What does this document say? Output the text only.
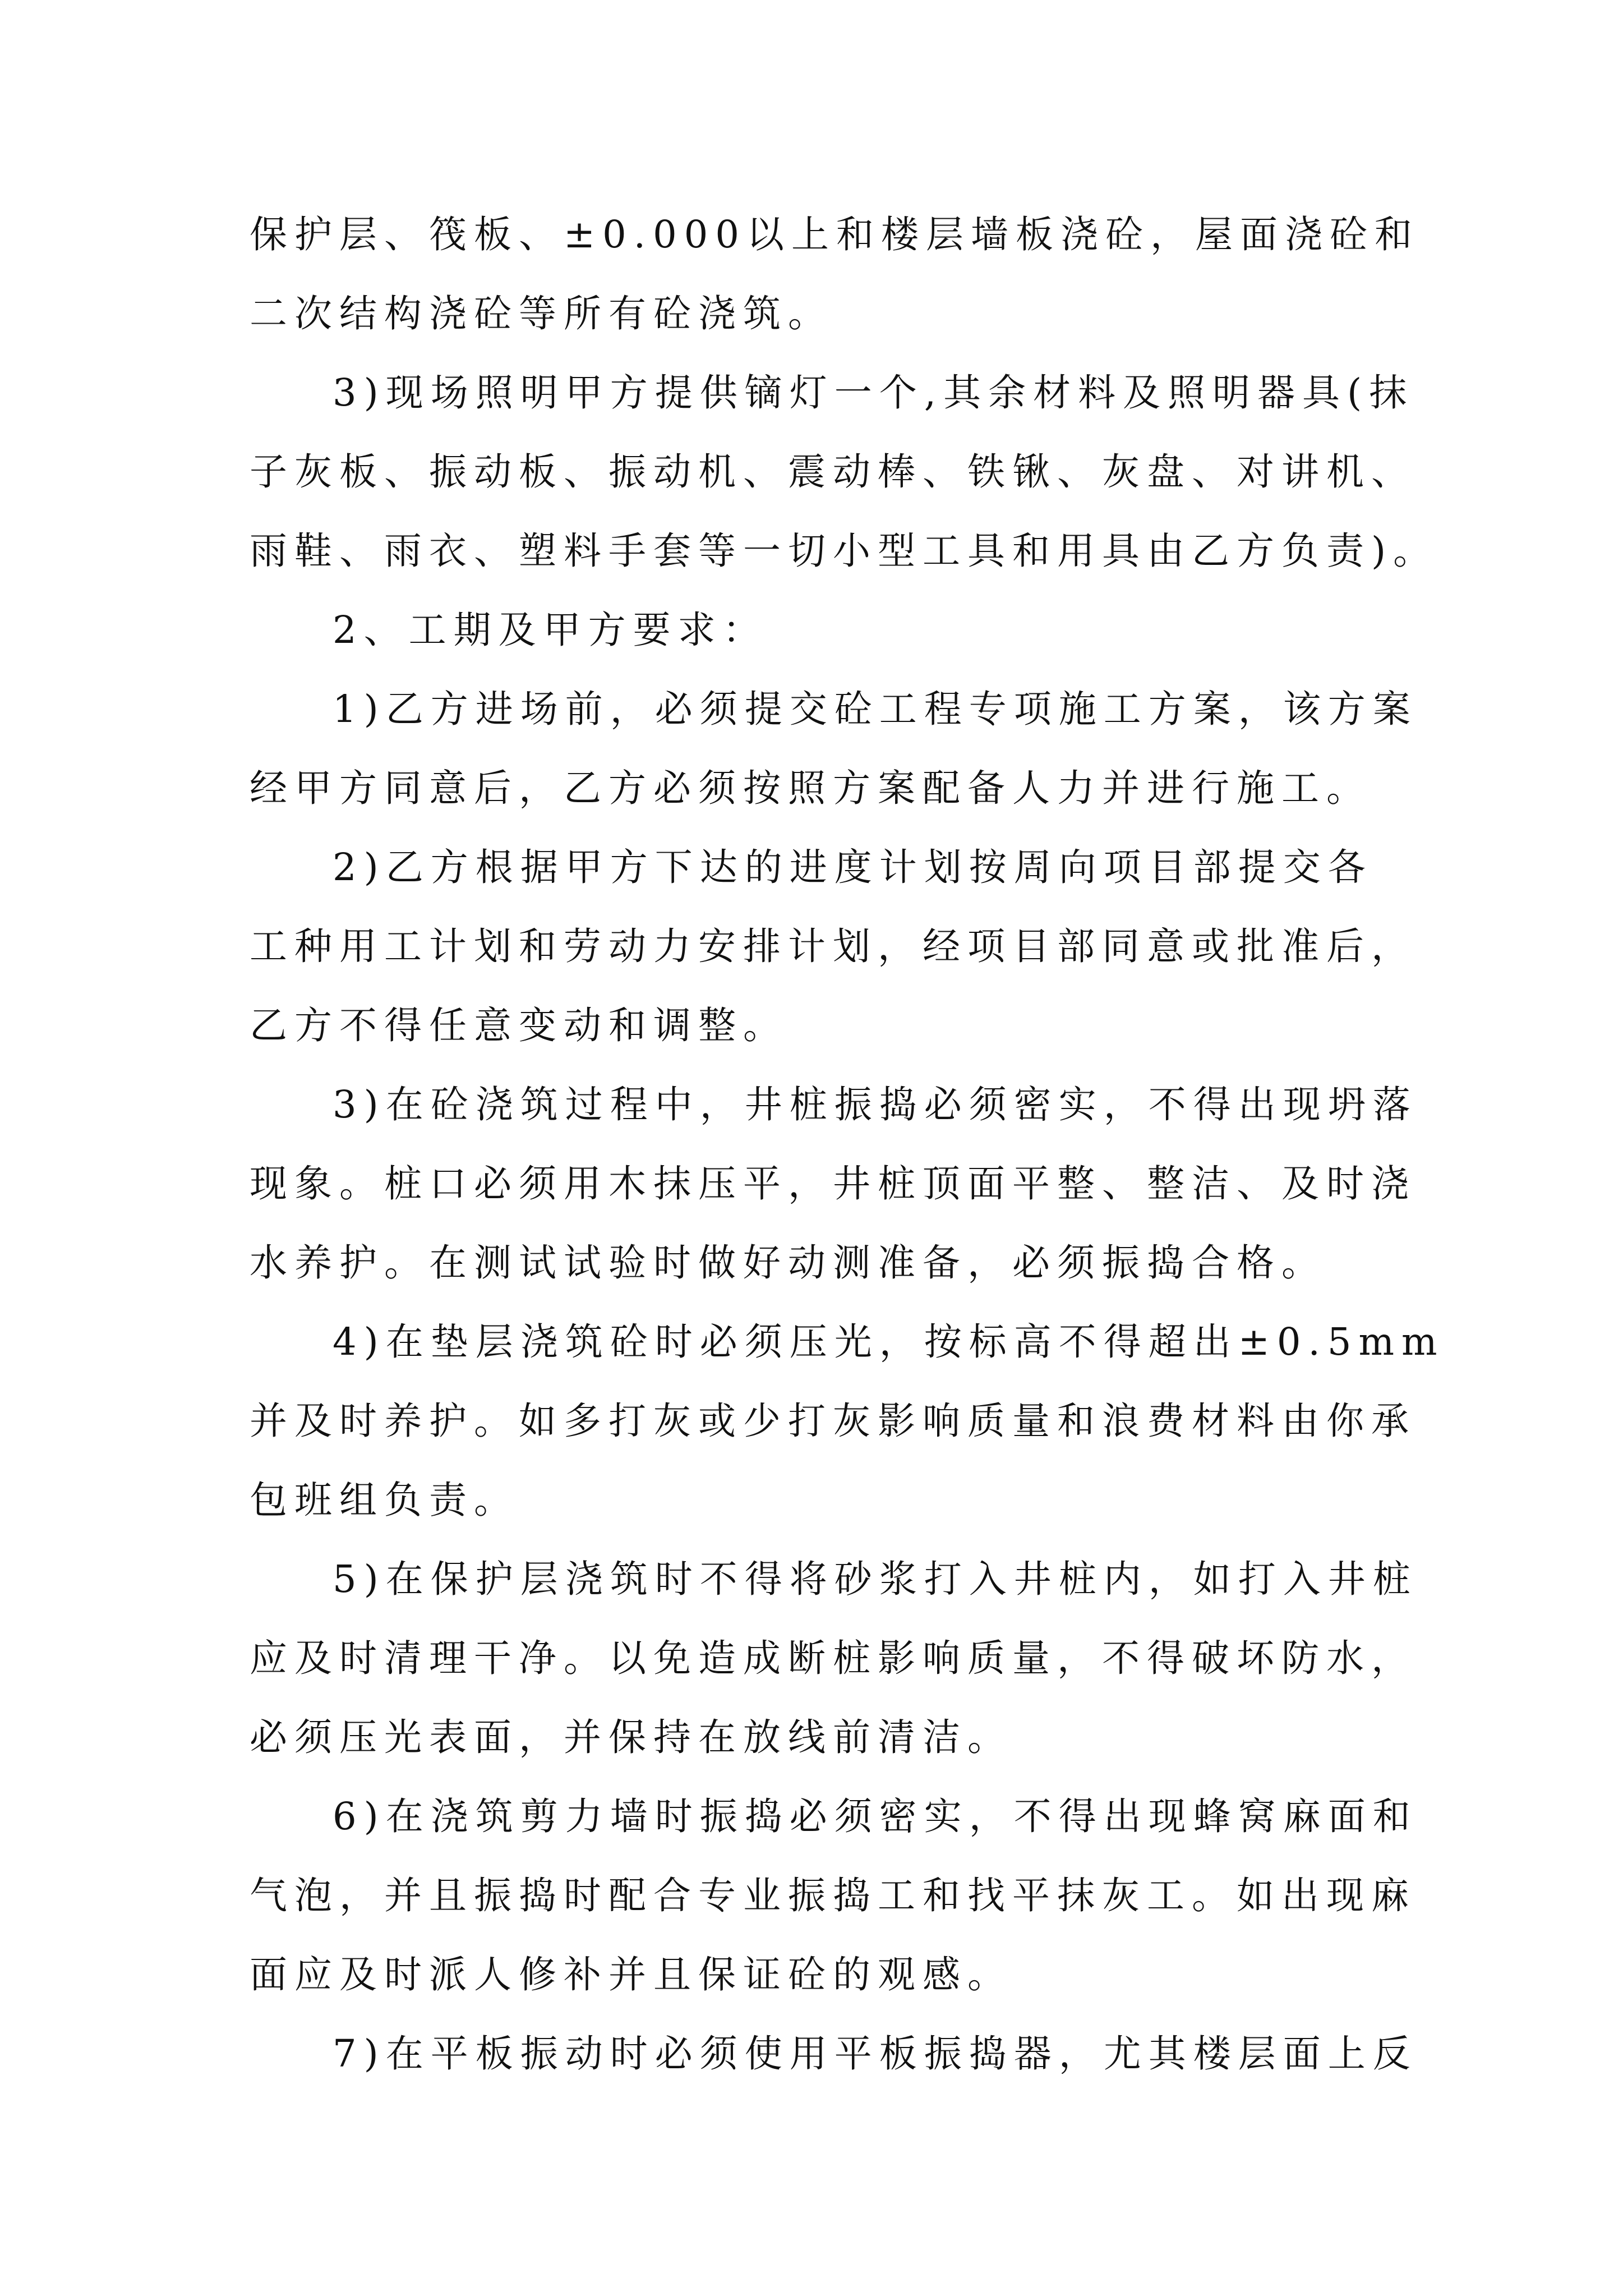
保护层、筏板、±0.000以上和楼层墙板浇砼，屋面浇砼和
二次结构浇砼等所有砼浇筑。

3)现场照明甲方提供镝灯一个,其余材料及照明器具(抹
子灰板、振动板、振动机、震动棒、铁锹、灰盘、对讲机、
雨鞋、雨衣、塑料手套等一切小型工具和用具由乙方负责)。

2、工期及甲方要求：

1)乙方进场前，必须提交砼工程专项施工方案，该方案
经甲方同意后，乙方必须按照方案配备人力并进行施工。

2)乙方根据甲方下达的进度计划按周向项目部提交各
工种用工计划和劳动力安排计划，经项目部同意或批准后，
乙方不得任意变动和调整。

3)在砼浇筑过程中，井桩振捣必须密实，不得出现坍落
现象。桩口必须用木抹压平，井桩顶面平整、整洁、及时浇
水养护。在测试试验时做好动测准备，必须振捣合格。

4)在垫层浇筑砼时必须压光，按标高不得超出±0.5mm
并及时养护。如多打灰或少打灰影响质量和浪费材料由你承
包班组负责。

5)在保护层浇筑时不得将砂浆打入井桩内，如打入井桩
应及时清理干净。以免造成断桩影响质量，不得破坏防水，
必须压光表面，并保持在放线前清洁。

6)在浇筑剪力墙时振捣必须密实，不得出现蜂窝麻面和
气泡，并且振捣时配合专业振捣工和找平抹灰工。如出现麻
面应及时派人修补并且保证砼的观感。

7)在平板振动时必须使用平板振捣器，尤其楼层面上反
